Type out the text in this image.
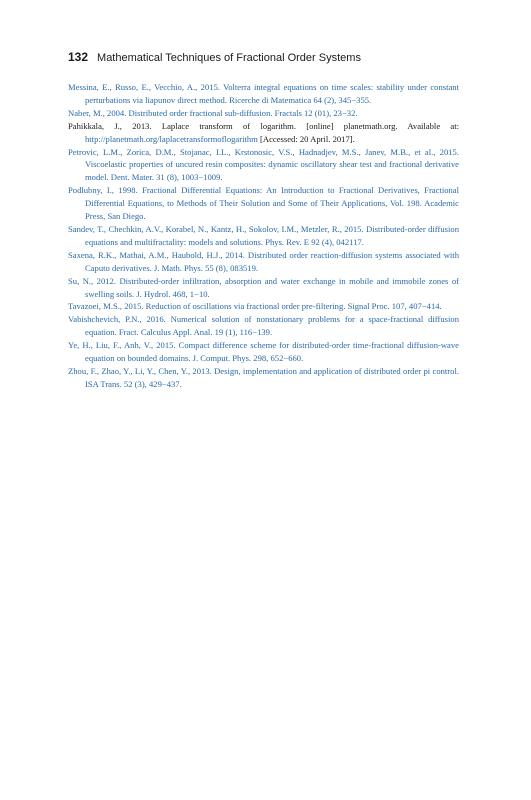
132 Mathematical Techniques of Fractional Order Systems

Messina, E., Russo, E., Vecchio, A., 2015. Volterra integral equations on time scales: stability under constant perturbations via liapunov direct method. Ricerche di Matematica 64 (2), 345−355.

Naber, M., 2004. Distributed order fractional sub-diffusion. Fractals 12 (01), 23−32.

Pahikkala, J., 2013. Laplace transform of logarithm. [online] planetmath.org. Available at: http://planetmath.org/laplacetransformoflogarithm [Accessed: 20 April. 2017].

Petrovic, L.M., Zorica, D.M., Stojanac, I.L., Krstonosic, V.S., Hadnadjev, M.S., Janev, M.B., et al., 2015. Viscoelastic properties of uncured resin composites: dynamic oscillatory shear test and fractional derivative model. Dent. Mater. 31 (8), 1003−1009.

Podlubny, I., 1998. Fractional Differential Equations: An Introduction to Fractional Derivatives, Fractional Differential Equations, to Methods of Their Solution and Some of Their Applications, Vol. 198. Academic Press, San Diego.

Sandev, T., Chechkin, A.V., Korabel, N., Kantz, H., Sokolov, I.M., Metzler, R., 2015. Distributed-order diffusion equations and multifractality: models and solutions. Phys. Rev. E 92 (4), 042117.

Saxena, R.K., Mathai, A.M., Haubold, H.J., 2014. Distributed order reaction-diffusion systems associated with Caputo derivatives. J. Math. Phys. 55 (8), 083519.

Su, N., 2012. Distributed-order infiltration, absorption and water exchange in mobile and immobile zones of swelling soils. J. Hydrol. 468, 1−10.

Tavazoei, M.S., 2015. Reduction of oscillations via fractional order pre-filtering. Signal Proc. 107, 407−414.

Vabishchevich, P.N., 2016. Numerical solution of nonstationary problems for a space-fractional diffusion equation. Fract. Calculus Appl. Anal. 19 (1), 116−139.

Ye, H., Liu, F., Anh, V., 2015. Compact difference scheme for distributed-order time-fractional diffusion-wave equation on bounded domains. J. Comput. Phys. 298, 652−660.

Zhou, F., Zhao, Y., Li, Y., Chen, Y., 2013. Design, implementation and application of distributed order pi control. ISA Trans. 52 (3), 429−437.
